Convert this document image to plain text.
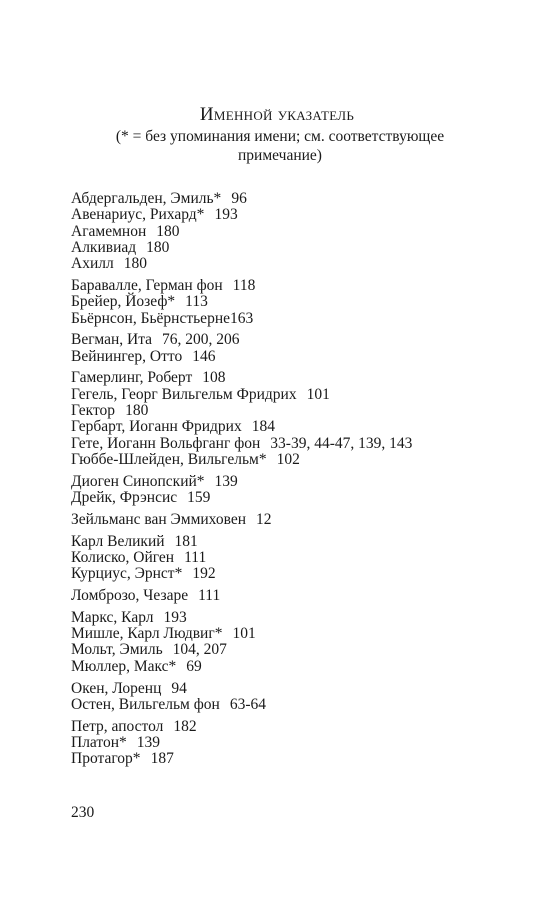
Именной указатель
(* = без упоминания имени; см. соответствующее
примечание)
Абдергальден, Эмиль* 96
Авенариус, Рихард* 193
Агамемнон 180
Алкивиад 180
Ахилл 180
Баравалле, Герман фон 118
Брейер, Йозеф* 113
Бьёрнсон, Бьёрнстьерне163
Вегман, Ита 76, 200, 206
Вейнингер, Отто 146
Гамерлинг, Роберт 108
Гегель, Георг Вильгельм Фридрих 101
Гектор 180
Гербарт, Иоганн Фридрих 184
Гете, Иоганн Вольфганг фон 33-39, 44-47, 139, 143
Гюббе-Шлейден, Вильгельм* 102
Диоген Синопский* 139
Дрейк, Фрэнсис 159
Зейльманс ван Эммиховен 12
Карл Великий 181
Колиско, Ойген 111
Курциус, Эрнст* 192
Ломброзо, Чезаре 111
Маркс, Карл 193
Мишле, Карл Людвиг* 101
Мольт, Эмиль 104, 207
Мюллер, Макс* 69
Окен, Лоренц 94
Остен, Вильгельм фон 63-64
Петр, апостол 182
Платон* 139
Протагор* 187
230
